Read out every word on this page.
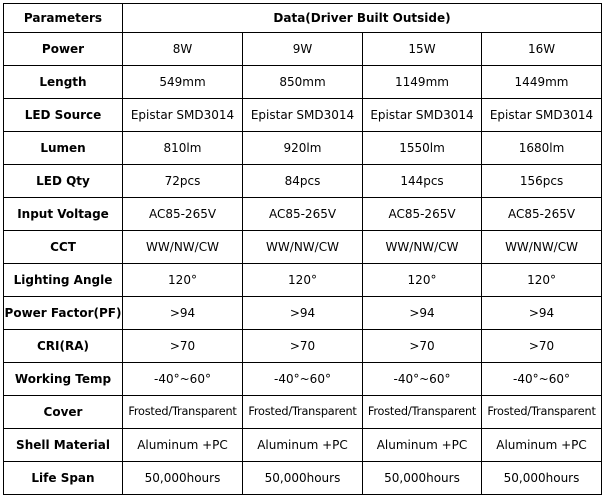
Parameters	Data(Driver Built Outside)			
Power	8W	9W	15W	16W
Length	549mm	850mm	1149mm	1449mm
LED Source	Epistar SMD3014	Epistar SMD3014	Epistar SMD3014	Epistar SMD3014
Lumen	810lm	920lm	1550lm	1680lm
LED Qty	72pcs	84pcs	144pcs	156pcs
Input Voltage	AC85-265V	AC85-265V	AC85-265V	AC85-265V
CCT	WW/NW/CW	WW/NW/CW	WW/NW/CW	WW/NW/CW
Lighting Angle	120°	120°	120°	120°
Power Factor(PF)	>94	>94	>94	>94
CRI(RA)	>70	>70	>70	>70
Working Temp	-40°~60°	-40°~60°	-40°~60°	-40°~60°
Cover	Frosted/Transparent	Frosted/Transparent	Frosted/Transparent	Frosted/Transparent
Shell Material	Aluminum +PC	Aluminum +PC	Aluminum +PC	Aluminum +PC
Life Span	50,000hours	50,000hours	50,000hours	50,000hours
